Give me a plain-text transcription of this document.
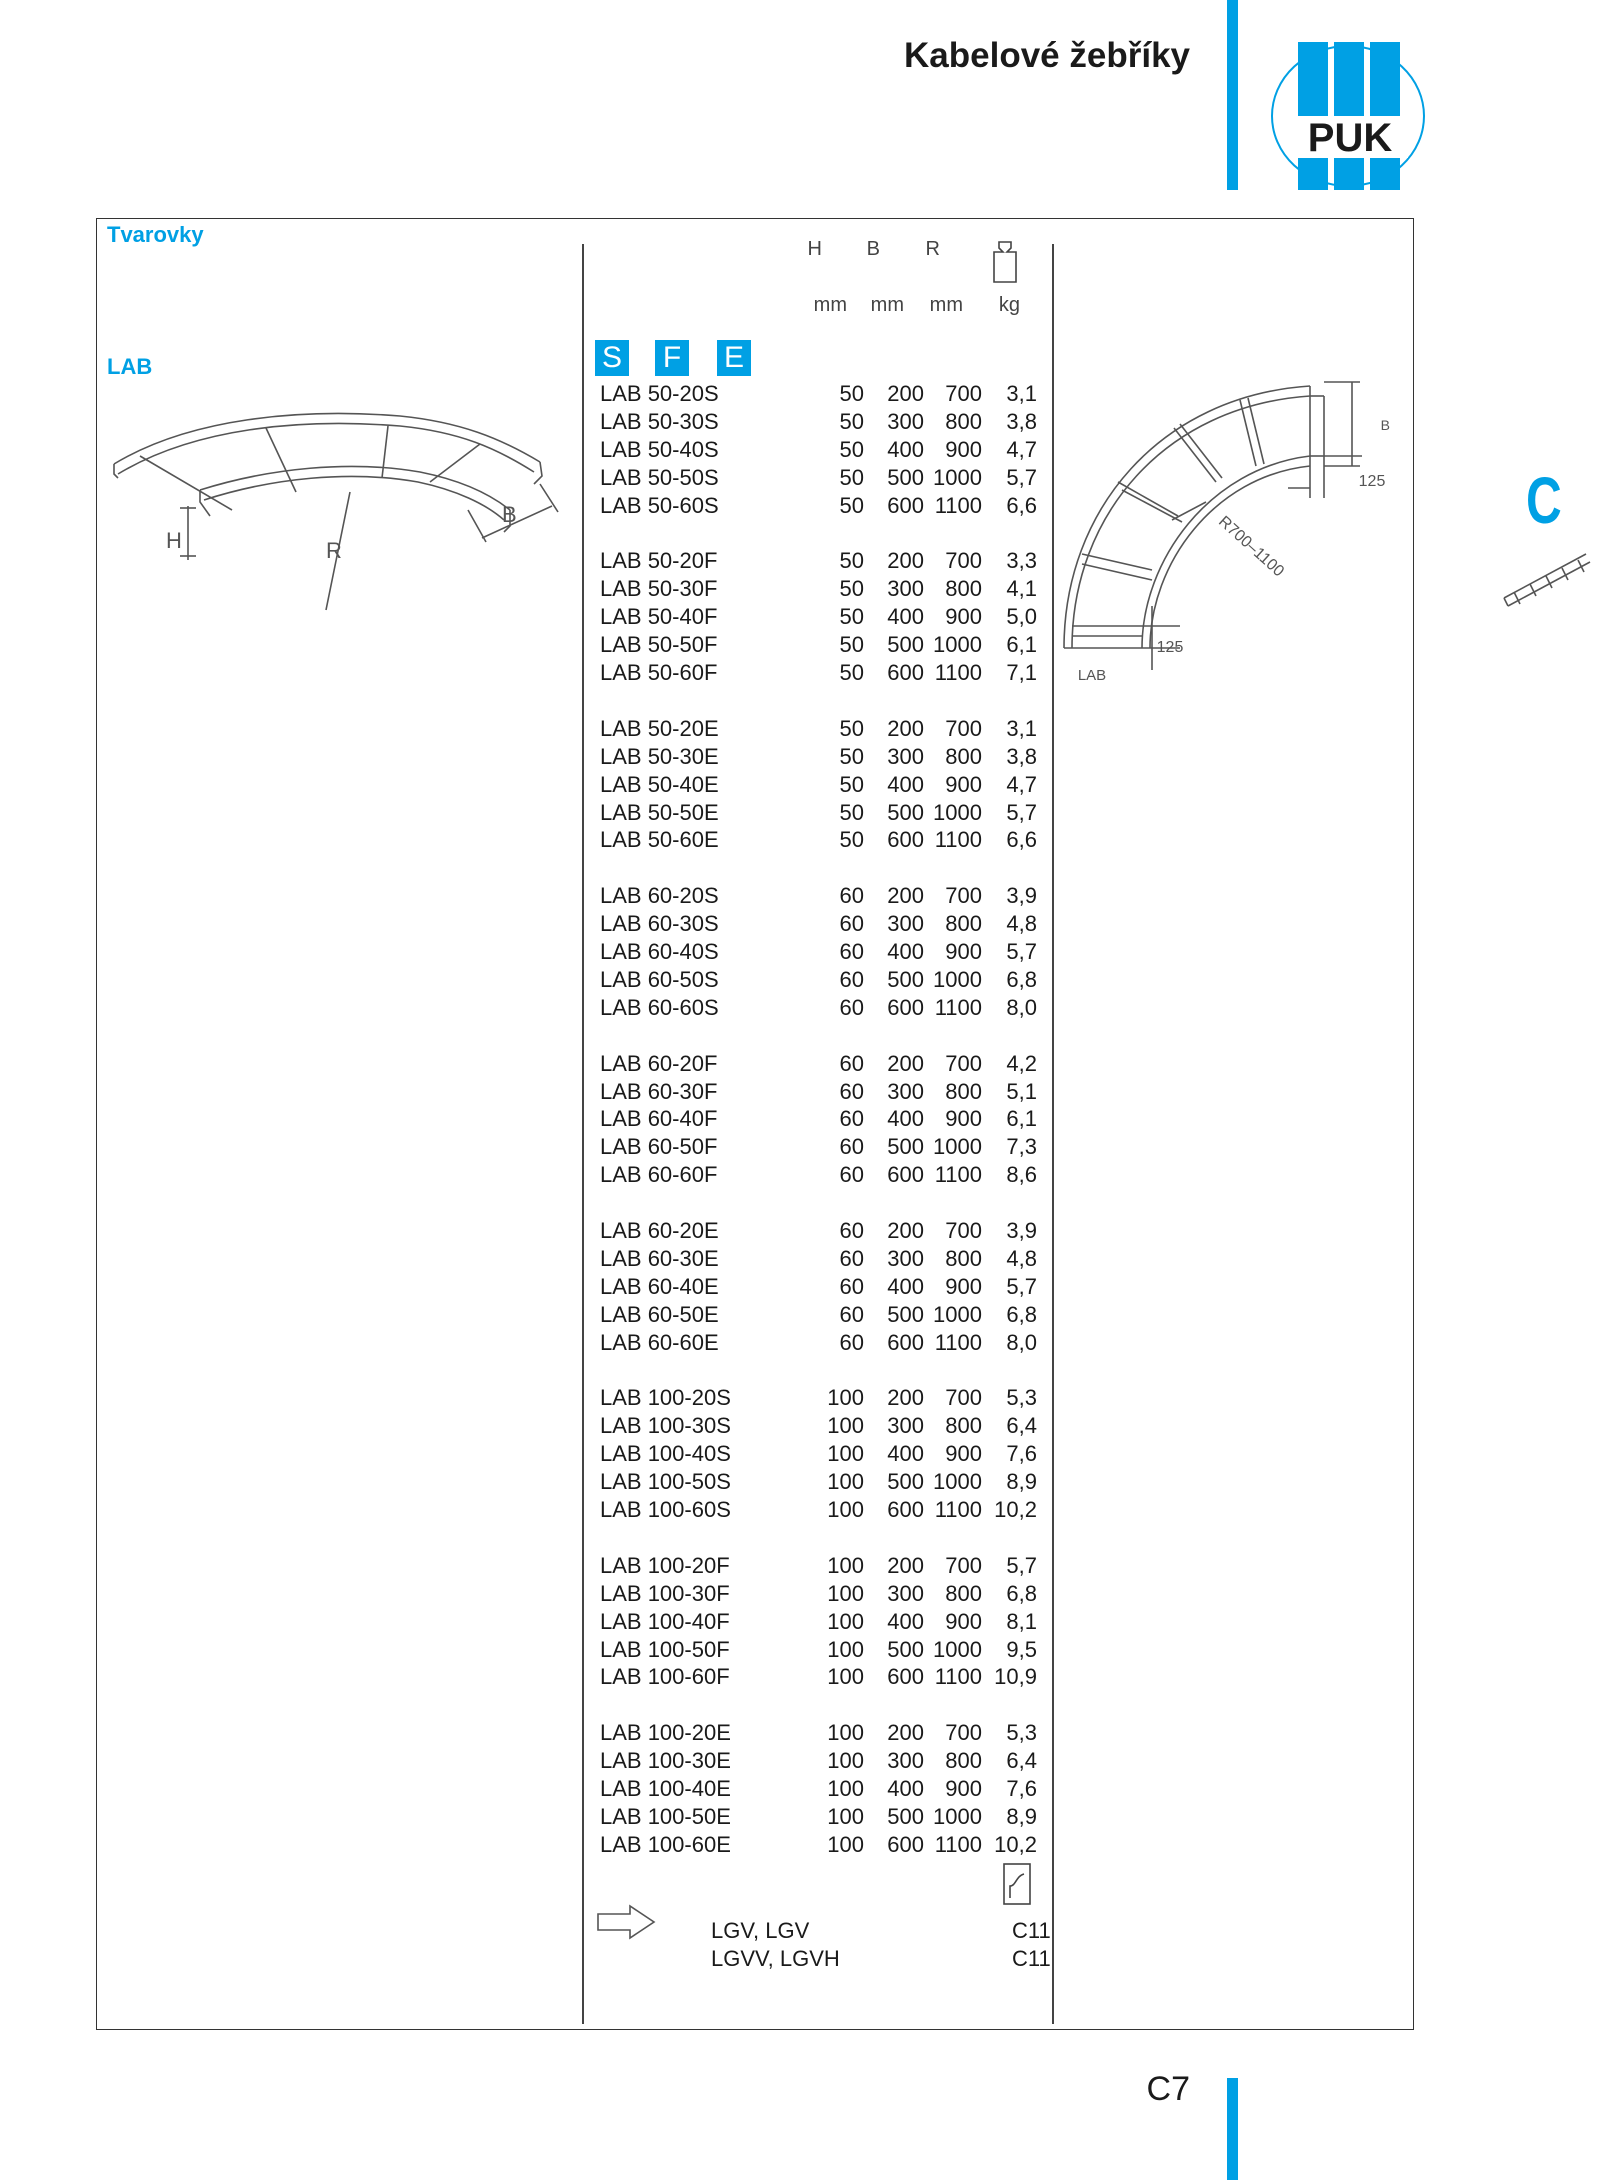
Kabelové žebříky
PUK
Tvarovky
LAB
H	B	R
mm	mm	mm	kg
S F E
LAB 50-20S	50	200 700	3,1
LAB 50-30S	50	300 800	3,8
LAB 50-40S	50	400 900	4,7
LAB 50-50S	50	500 1000	5,7
LAB 50-60S	50	600 1100	6,6
LAB 50-20F	50	200 700	3,3
LAB 50-30F	50	300 800	4,1
LAB 50-40F	50	400 900	5,0
LAB 50-50F	50	500 1000	6,1
LAB 50-60F	50	600 1100	7,1
LAB 50-20E	50	200 700	3,1
LAB 50-30E	50	300 800	3,8
LAB 50-40E	50	400 900	4,7
LAB 50-50E	50	500 1000	5,7
LAB 50-60E	50	600 1100	6,6
LAB 60-20S	60	200 700	3,9
LAB 60-30S	60	300 800	4,8
LAB 60-40S	60	400 900	5,7
LAB 60-50S	60	500 1000	6,8
LAB 60-60S	60	600 1100	8,0
LAB 60-20F	60	200 700	4,2
LAB 60-30F	60	300 800	5,1
LAB 60-40F	60	400 900	6,1
LAB 60-50F	60	500 1000	7,3
LAB 60-60F	60	600 1100	8,6
LAB 60-20E	60	200 700	3,9
LAB 60-30E	60	300 800	4,8
LAB 60-40E	60	400 900	5,7
LAB 60-50E	60	500 1000	6,8
LAB 60-60E	60	600 1100	8,0
LAB 100-20S	100	200 700	5,3
LAB 100-30S	100	300 800	6,4
LAB 100-40S	100	400 900	7,6
LAB 100-50S	100	500 1000	8,9
LAB 100-60S	100	600 1100 10,2
LAB 100-20F	100	200 700	5,7
LAB 100-30F	100	300 800	6,8
LAB 100-40F	100	400 900	8,1
LAB 100-50F	100	500 1000	9,5
LAB 100-60F	100	600 1100 10,9
LAB 100-20E	100	200 700	5,3
LAB 100-30E	100	300 800	6,4
LAB 100-40E	100	400 900	7,6
LAB 100-50E	100	500 1000	8,9
LAB 100-60E	100	600 1100 10,2
LGV, LGV	C11
LGVV, LGVH	C11
H	R
B
B
125
R700–1100
125
LAB
C
C7
